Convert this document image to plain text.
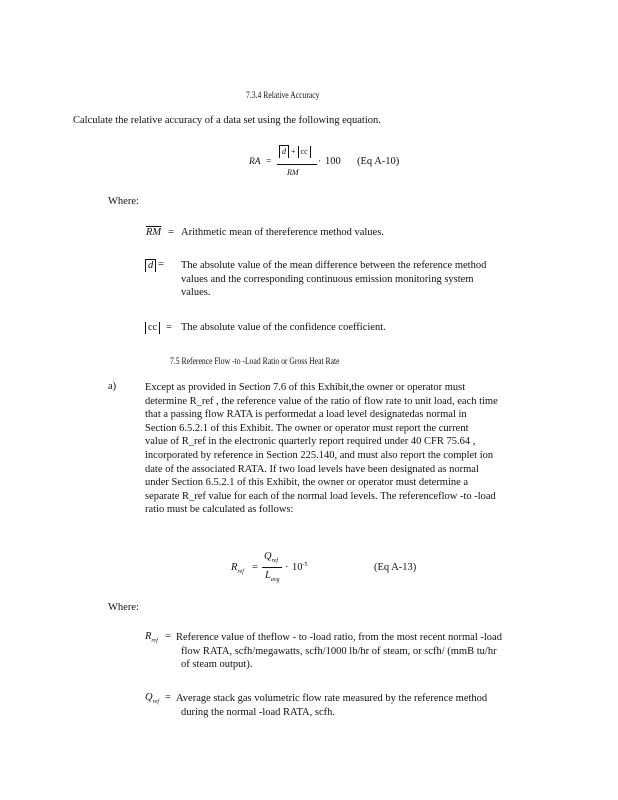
7.3.4 Relative Accuracy
Calculate the relative accuracy of a data set using the following equation.
RA =
d + cc
RM
· 100 (Eq A-10)
Where:
$\overline{RM}$ = Arithmetic mean of thereference method values.
d = The absolute value of the mean difference between the reference method
values and the corresponding continuous emission monitoring system
values.
cc = The absolute value of the confidence coefficient.
7.5 Reference Flow -to -Load Ratio or Gross Heat Rate
a)	Except as provided in Section 7.6 of this Exhibit,the owner or operator must
determine R_ref , the reference value of the ratio of flow rate to unit load, each time
that a passing flow RATA is performedat a load level designatedas normal in
Section 6.5.2.1 of this Exhibit. The owner or operator must report the current
value of R_ref in the electronic quarterly report required under 40 CFR 75.64 ,
incorporated by reference in Section 225.140, and must also report the complet ion
date of the associated RATA. If two load levels have been designated as normal
under Section 6.5.2.1 of this Exhibit, the owner or operator must determine a
separate R_ref value for each of the normal load levels. The referenceflow -to -load
ratio must be calculated as follows:
$R_{ref}$ =
$Q_{ref}$
$L_{avg}$
· $10^{-5}$	(Eq A-13)
Where:
$R_{ref}$ = Reference value of theflow - to -load ratio, from the most recent normal -load
flow RATA, scfh/megawatts, scfh/1000 lb/hr of steam, or scfh/ (mmB tu/hr
of steam output).
$Q_{ref}$ = Average stack gas volumetric flow rate measured by the reference method
during the normal -load RATA, scfh.
